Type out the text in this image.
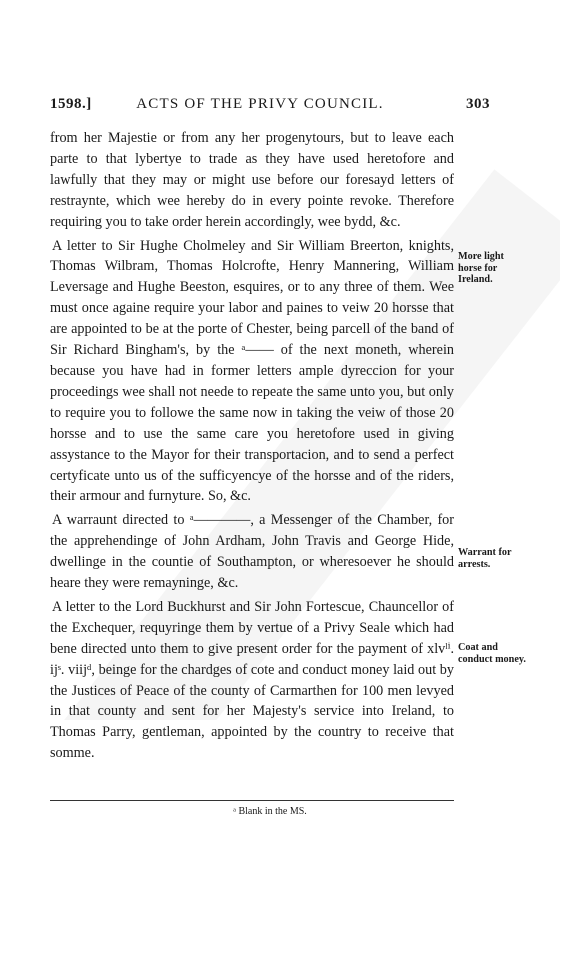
1598.]	ACTS OF THE PRIVY COUNCIL.	303

from her Majestie or from any her progenytours, but to leave each parte to that lybertye to trade as they have used heretofore and lawfully that they may or might use before our foresayd letters of restraynte, which wee hereby do in every pointe revoke. Therefore requiring you to take order herein accordingly, wee bydd, &c.

A letter to Sir Hughe Cholmeley and Sir William Breerton, knights, Thomas Wilbram, Thomas Holcrofte, Henry Mannering, William Leversage and Hughe Beeston, esquires, or to any three of them. Wee must once againe require your labor and paines to veiw 20 horsse that are appointed to be at the porte of Chester, being parcell of the band of Sir Richard Bingham's, by the ᵃ—— of the next moneth, wherein because you have had in former letters ample dyreccion for your proceedings wee shall not neede to repeate the same unto you, but only to require you to followe the same now in taking the veiw of those 20 horsse and to use the same care you heretofore used in giving assystance to the Mayor for their transportacion, and to send a perfect certyficate unto us of the sufficyencye of the horsse and of the riders, their armour and furnyture. So, &c.

A warraunt directed to ᵃ————, a Messenger of the Chamber, for the apprehendinge of John Ardham, John Travis and George Hide, dwellinge in the countie of Southampton, or wheresoever he should heare they were remayninge, &c.

A letter to the Lord Buckhurst and Sir John Fortescue, Chauncellor of the Exchequer, requyringe them by vertue of a Privy Seale which had bene directed unto them to give present order for the payment of xlvˡⁱ. ijˢ. viijᵈ, beinge for the chardges of cote and conduct money laid out by the Justices of Peace of the county of Carmarthen for 100 men levyed in that county and sent for her Majesty's service into Ireland, to Thomas Parry, gentleman, appointed by the country to receive that somme.

More light horse for Ireland.
Warrant for arrests.
Coat and conduct money.
ᵃ Blank in the MS.
